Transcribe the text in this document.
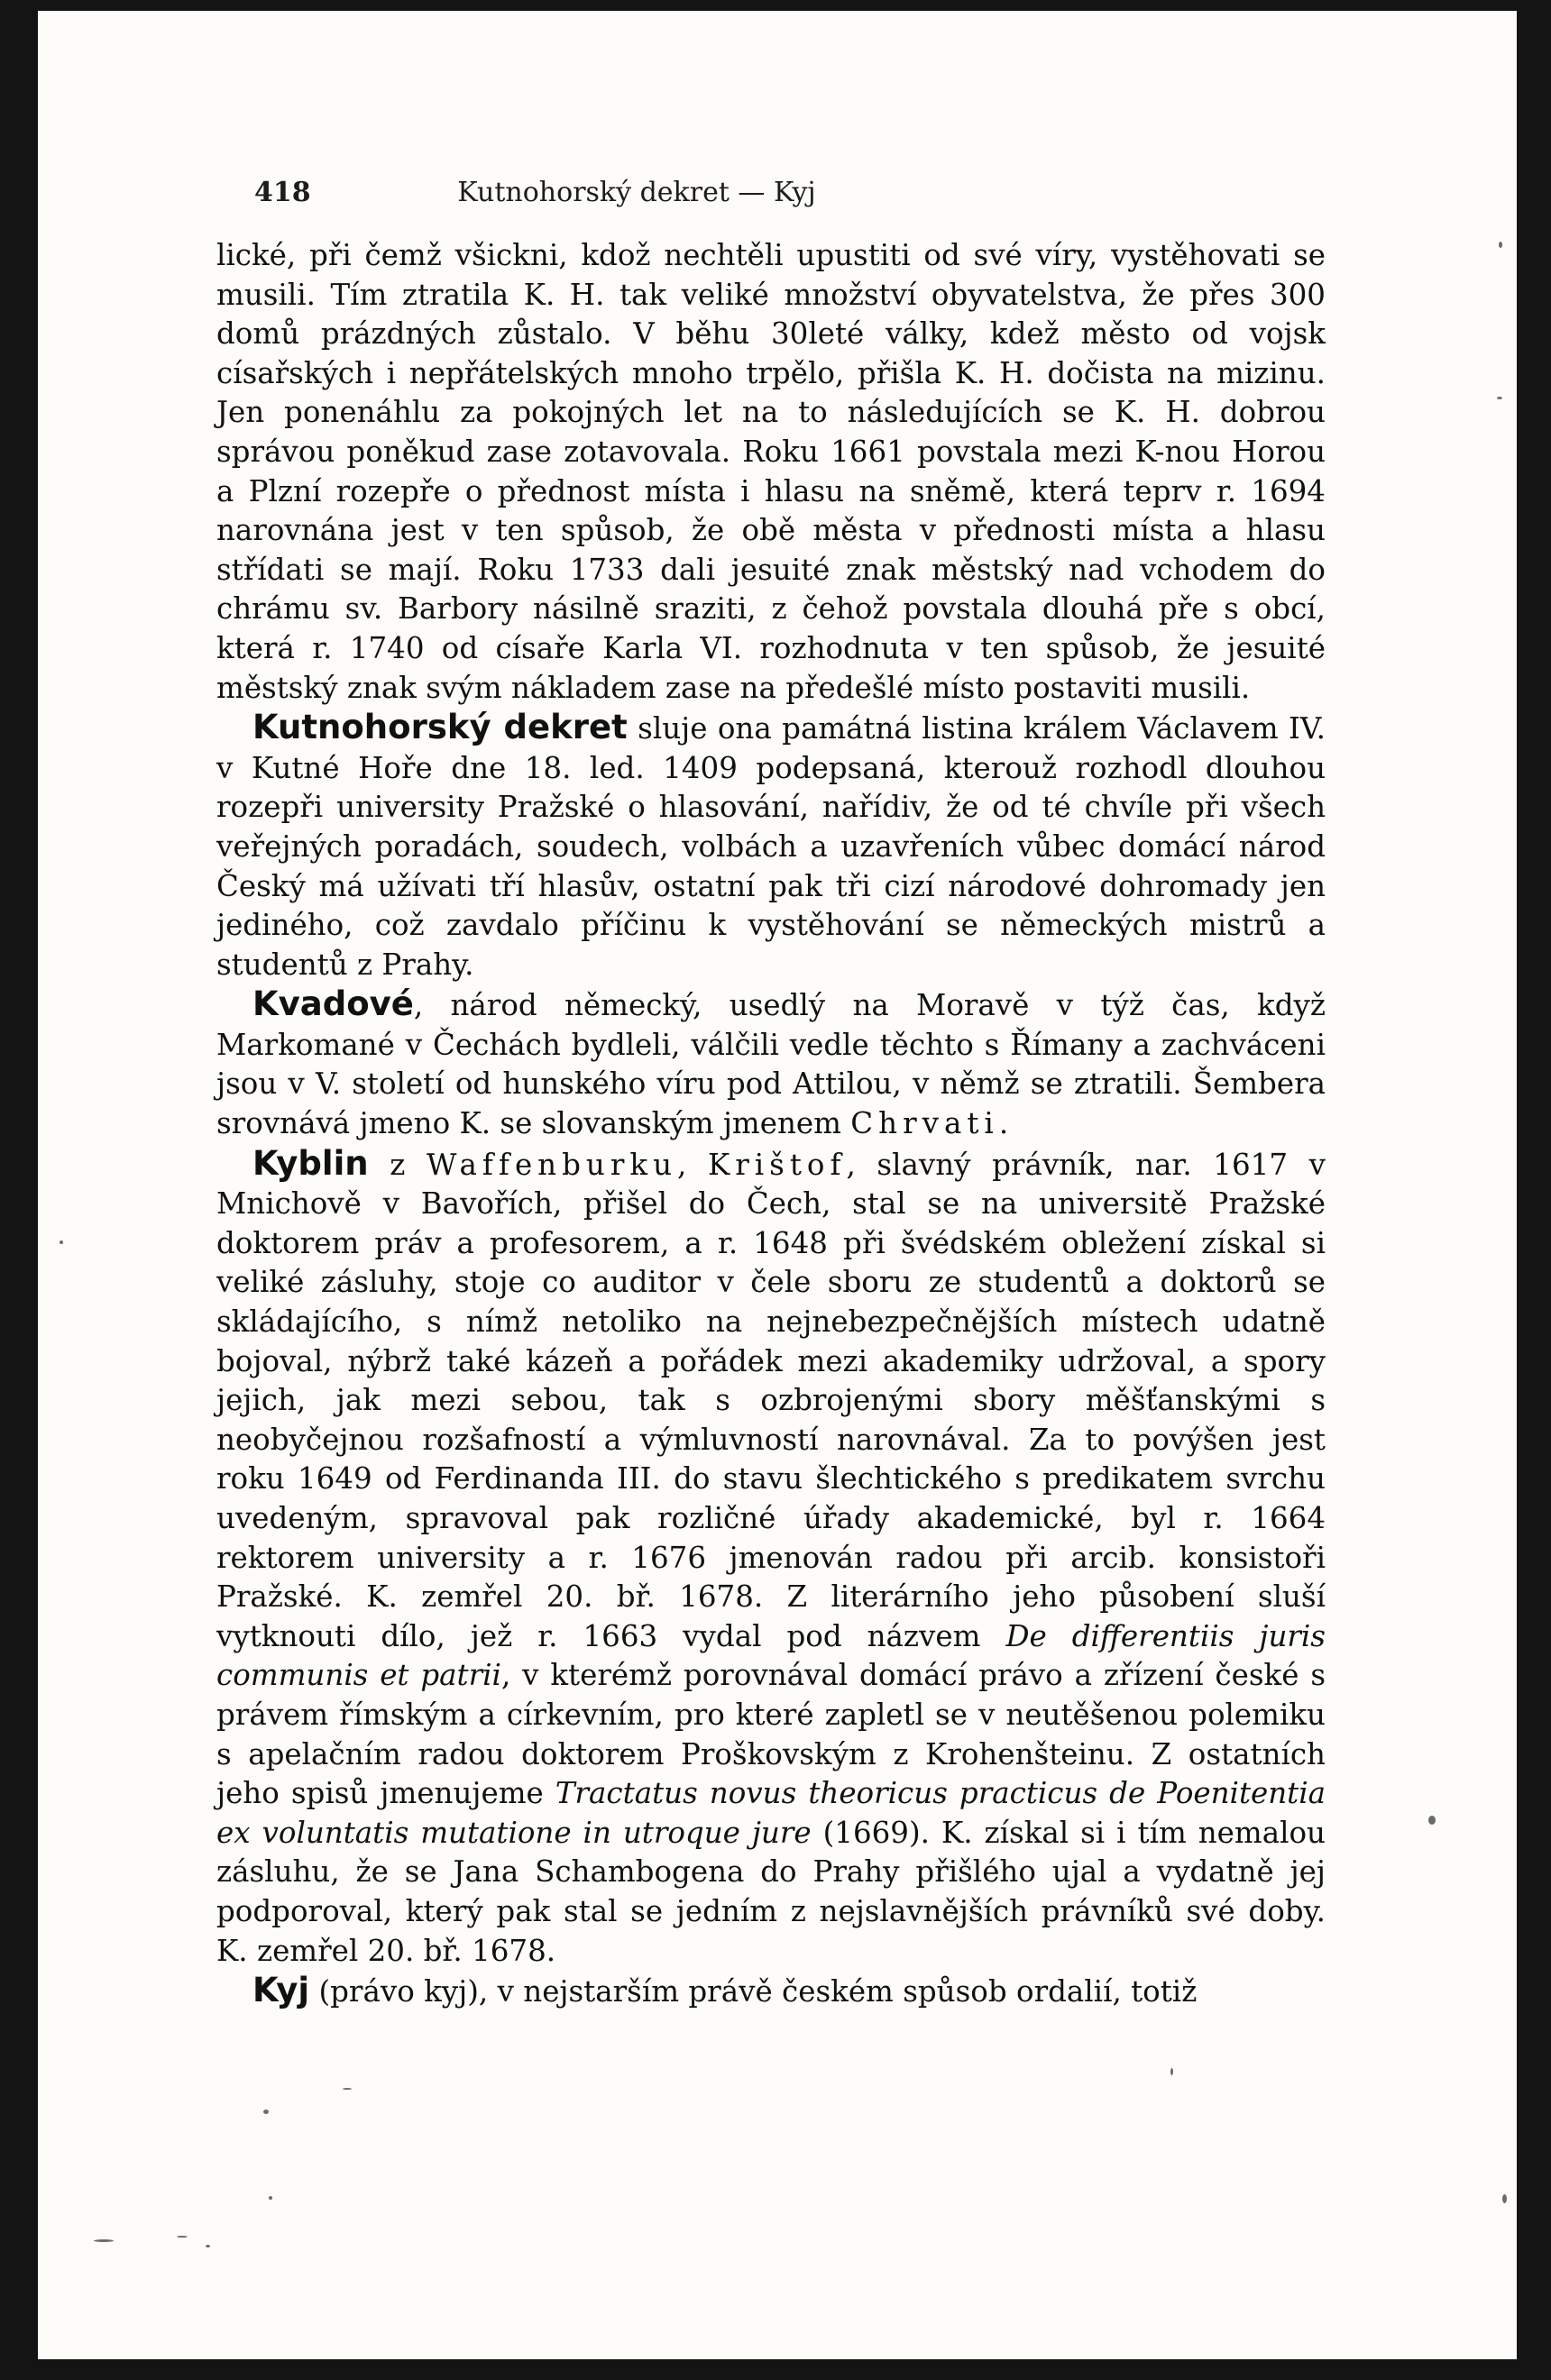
418	Kutnohorský dekret — Kyj

lické, při čemž všickni, kdož nechtěli upustiti od své víry, vystěhovati se musili. Tím ztratila K. H. tak veliké množství obyvatelstva, že přes 300 domů prázdných zůstalo. V běhu 30leté války, kdež město od vojsk císařských i nepřátelských mnoho trpělo, přišla K. H. dočista na mizinu. Jen ponenáhlu za pokojných let na to následujících se K. H. dobrou správou poněkud zase zotavovala. Roku 1661 povstala mezi K-nou Horou a Plzní rozepře o přednost místa i hlasu na sněmě, která teprv r. 1694 narovnána jest v ten spůsob, že obě města v přednosti místa a hlasu střídati se mají. Roku 1733 dali jesuité znak městský nad vchodem do chrámu sv. Barbory násilně sraziti, z čehož povstala dlouhá pře s obcí, která r. 1740 od císaře Karla VI. rozhodnuta v ten spůsob, že jesuité městský znak svým nákladem zase na předešlé místo postaviti musili.

Kutnohorský dekret sluje ona památná listina králem Václavem IV. v Kutné Hoře dne 18. led. 1409 podepsaná, kterouž rozhodl dlouhou rozepři university Pražské o hlasování, nařídiv, že od té chvíle při všech veřejných poradách, soudech, volbách a uzavřeních vůbec domácí národ Český má užívati tří hlasův, ostatní pak tři cizí národové dohromady jen jediného, což zavdalo příčinu k vystěhování se německých mistrů a studentů z Prahy.

Kvadové, národ německý, usedlý na Moravě v týž čas, když Markomané v Čechách bydleli, válčili vedle těchto s Římany a zachváceni jsou v V. století od hunského víru pod Attilou, v němž se ztratili. Šembera srovnává jmeno K. se slovanským jmenem Chrvati.

Kyblin z Waffenburku, Krištof, slavný právník, nar. 1617 v Mnichově v Bavořích, přišel do Čech, stal se na universitě Pražské doktorem práv a profesorem, a r. 1648 při švédském obležení získal si veliké zásluhy, stoje co auditor v čele sboru ze studentů a doktorů se skládajícího, s nímž netoliko na nejnebezpečnějších místech udatně bojoval, nýbrž také kázeň a pořádek mezi akademiky udržoval, a spory jejich, jak mezi sebou, tak s ozbrojenými sbory měšťanskými s neobyčejnou rozšafností a výmluvností narovnával. Za to povýšen jest roku 1649 od Ferdinanda III. do stavu šlechtického s predikatem svrchu uvedeným, spravoval pak rozličné úřady akademické, byl r. 1664 rektorem university a r. 1676 jmenován radou při arcib. konsistoři Pražské. K. zemřel 20. bř. 1678. Z literárního jeho působení sluší vytknouti dílo, jež r. 1663 vydal pod názvem De differentiis juris communis et patrii, v kterémž porovnával domácí právo a zřízení české s právem římským a církevním, pro které zapletl se v neutěšenou polemiku s apelačním radou doktorem Proškovským z Krohenšteinu. Z ostatních jeho spisů jmenujeme Tractatus novus theoricus practicus de Poenitentia ex voluntatis mutatione in utroque jure (1669). K. získal si i tím nemalou zásluhu, že se Jana Schambogena do Prahy přišlého ujal a vydatně jej podporoval, který pak stal se jedním z nejslavnějších právníků své doby. K. zemřel 20. bř. 1678.

Kyj (právo kyj), v nejstarším právě českém spůsob ordalií, totiž
